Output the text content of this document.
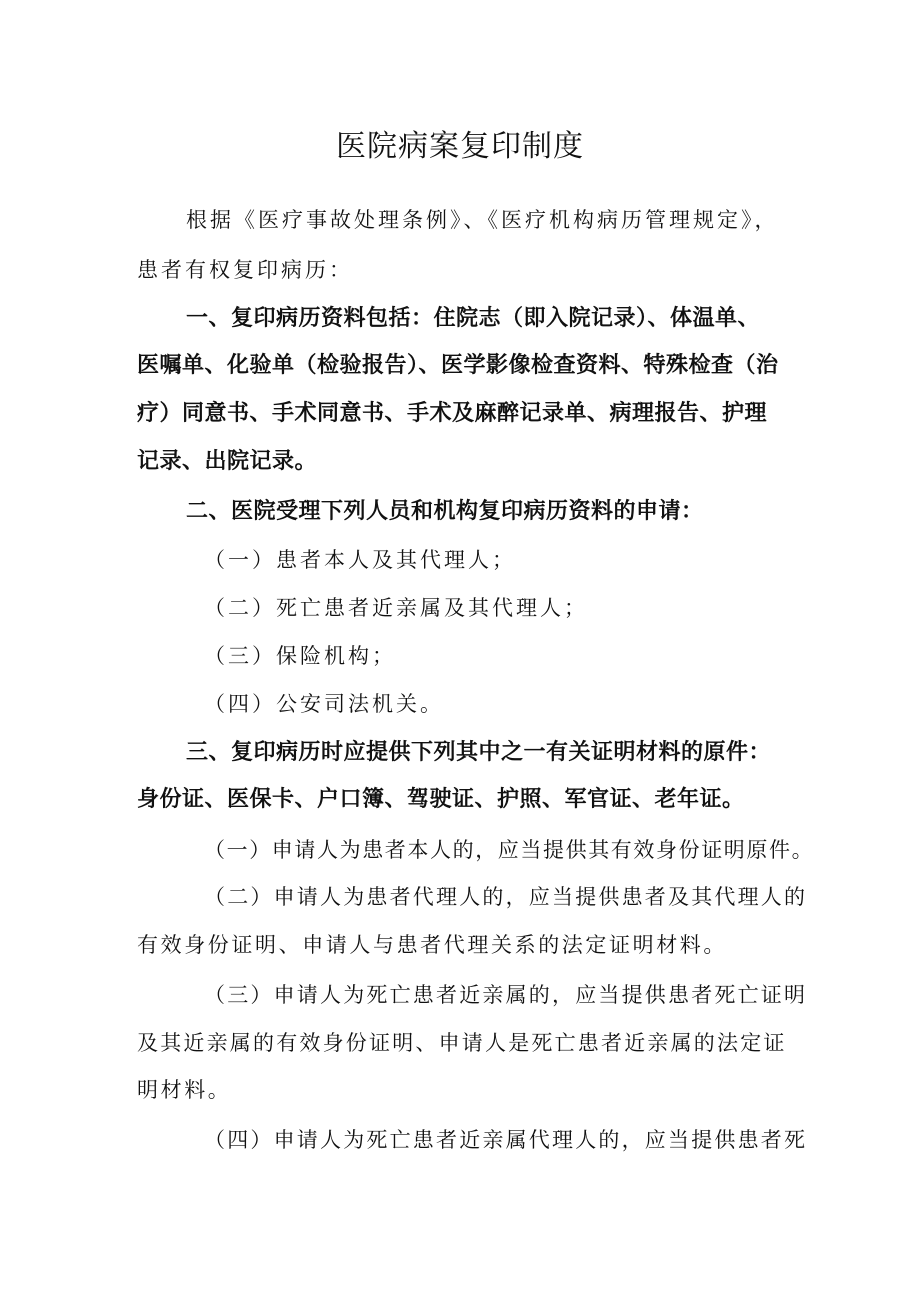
医院病案复印制度

根据《医疗事故处理条例》、《医疗机构病历管理规定》，

患者有权复印病历：

一、复印病历资料包括：住院志（即入院记录）、体温单、

医嘱单、化验单（检验报告）、医学影像检查资料、特殊检查（治

疗）同意书、手术同意书、手术及麻醉记录单、病理报告、护理

记录、出院记录。

二、医院受理下列人员和机构复印病历资料的申请：

（一）患者本人及其代理人；

（二）死亡患者近亲属及其代理人；

（三）保险机构；

（四）公安司法机关。

三、复印病历时应提供下列其中之一有关证明材料的原件：

身份证、医保卡、户口簿、驾驶证、护照、军官证、老年证。

（一）申请人为患者本人的，应当提供其有效身份证明原件。

（二）申请人为患者代理人的，应当提供患者及其代理人的

有效身份证明、申请人与患者代理关系的法定证明材料。

（三）申请人为死亡患者近亲属的，应当提供患者死亡证明

及其近亲属的有效身份证明、申请人是死亡患者近亲属的法定证

明材料。

（四）申请人为死亡患者近亲属代理人的，应当提供患者死
